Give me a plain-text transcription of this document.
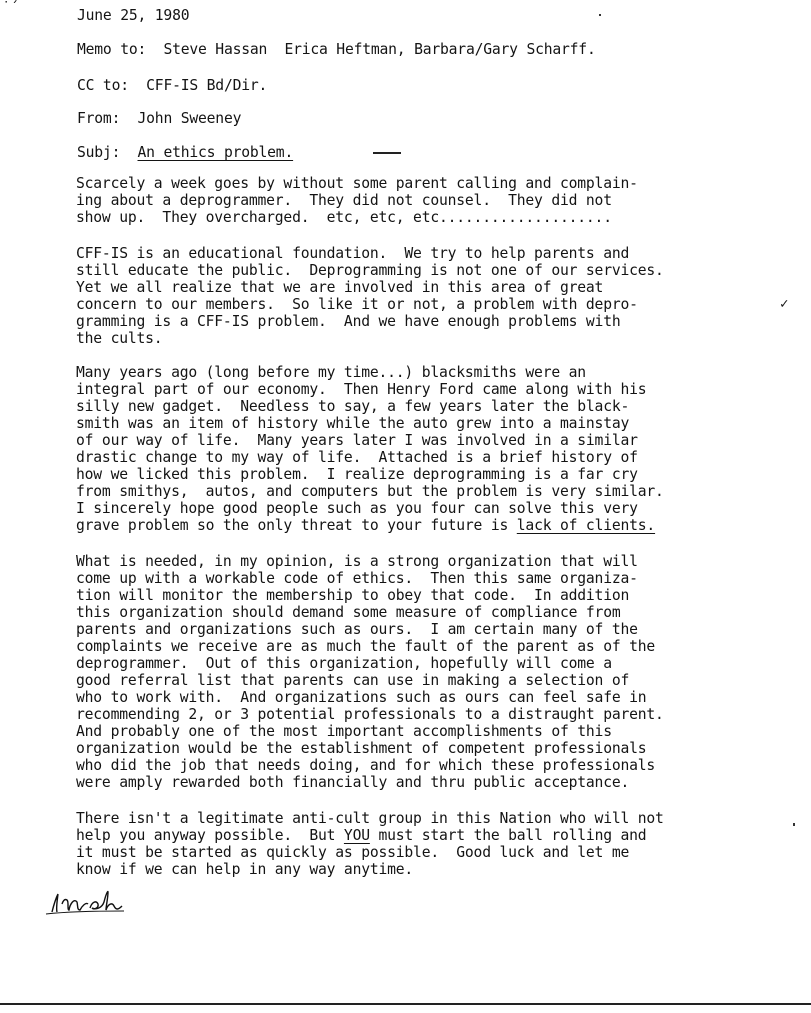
˙´	June 25, 1980
Memo to: Steve Hassan  Erica Heftman, Barbara/Gary Scharff.
CC to: CFF-IS Bd/Dir.
From: John Sweeney
Subj: An ethics problem.
Scarcely a week goes by without some parent calling and complain-
ing about a deprogrammer.  They did not counsel.  They did not
show up.  They overcharged.  etc, etc, etc....................
CFF-IS is an educational foundation.  We try to help parents and
still educate the public.  Deprogramming is not one of our services.
Yet we all realize that we are involved in this area of great
concern to our members.  So like it or not, a problem with depro-
gramming is a CFF-IS problem.  And we have enough problems with
the cults.
Many years ago (long before my time...) blacksmiths were an
integral part of our economy.  Then Henry Ford came along with his
silly new gadget.  Needless to say, a few years later the black-
smith was an item of history while the auto grew into a mainstay
of our way of life.  Many years later I was involved in a similar
drastic change to my way of life.  Attached is a brief history of
how we licked this problem.  I realize deprogramming is a far cry
from smithys,  autos, and computers but the problem is very similar.
I sincerely hope good people such as you four can solve this very
grave problem so the only threat to your future is lack of clients.
What is needed, in my opinion, is a strong organization that will
come up with a workable code of ethics.  Then this same organiza-
tion will monitor the membership to obey that code.  In addition
this organization should demand some measure of compliance from
parents and organizations such as ours.  I am certain many of the
complaints we receive are as much the fault of the parent as of the
deprogrammer.  Out of this organization, hopefully will come a
good referral list that parents can use in making a selection of
who to work with.  And organizations such as ours can feel safe in
recommending 2, or 3 potential professionals to a distraught parent.
And probably one of the most important accomplishments of this
organization would be the establishment of competent professionals
who did the job that needs doing, and for which these professionals
were amply rewarded both financially and thru public acceptance.
There isn't a legitimate anti-cult group in this Nation who will not
help you anyway possible.  But YOU must start the ball rolling and
it must be started as quickly as possible.  Good luck and let me
know if we can help in any way anytime.
✓
